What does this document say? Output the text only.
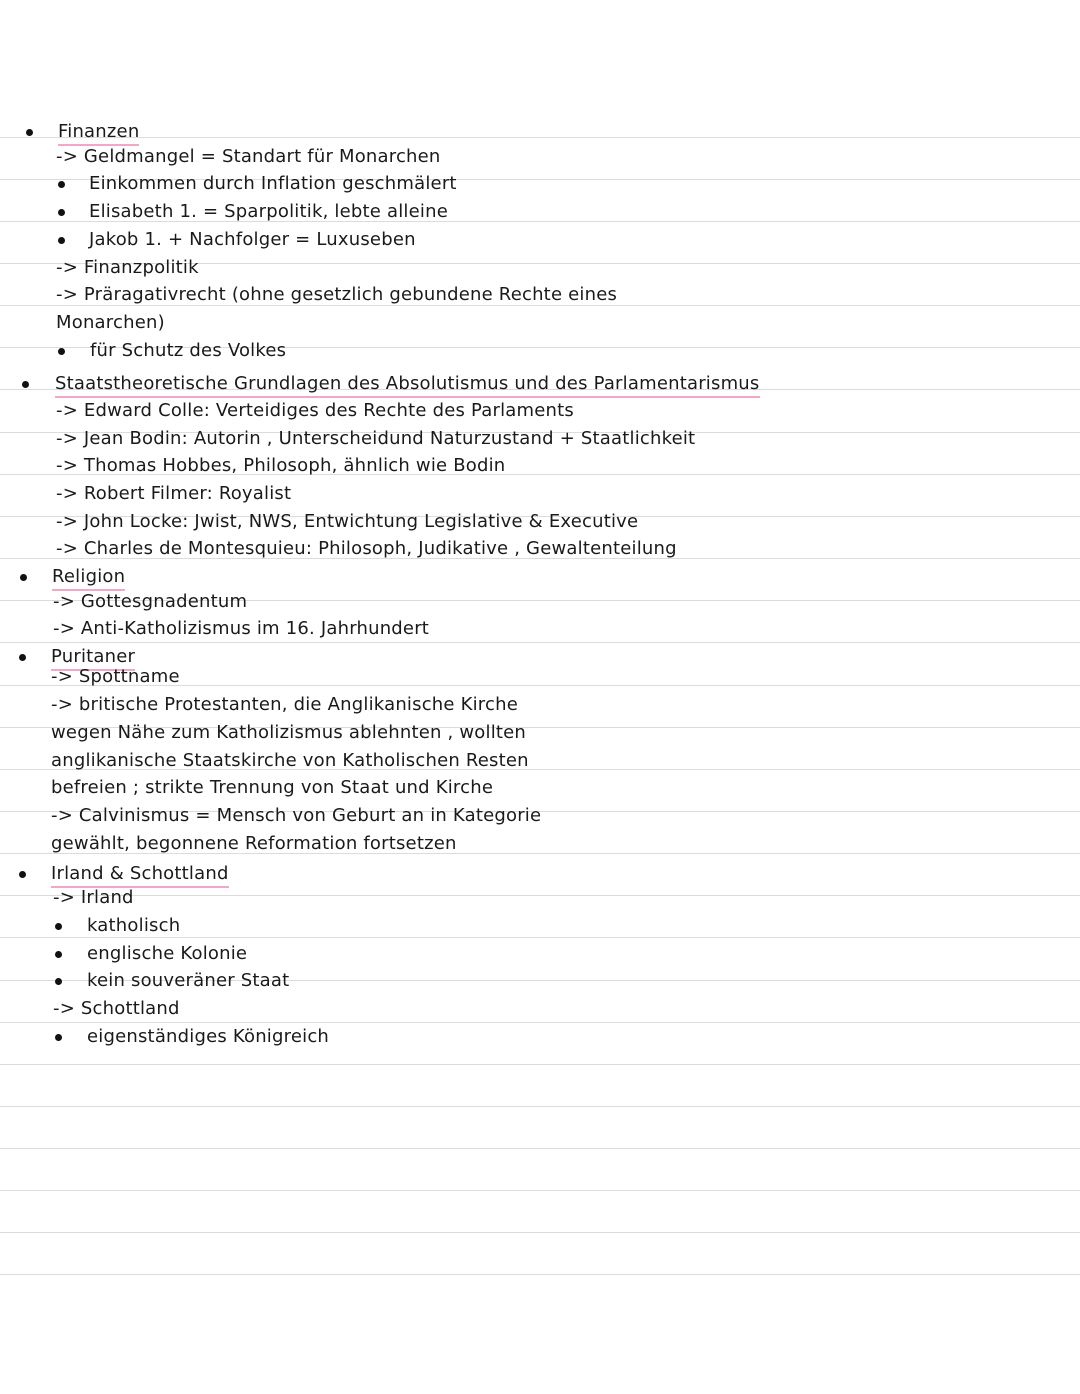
Finanzen
-> Geldmangel = Standart für Monarchen
Einkommen durch Inflation geschmälert
Elisabeth 1. = Sparpolitik, lebte alleine
Jakob 1. + Nachfolger = Luxuseben
-> Finanzpolitik
-> Präragativrecht (ohne gesetzlich gebundene Rechte eines
Monarchen)
für Schutz des Volkes
Staatstheoretische Grundlagen des Absolutismus und des Parlamentarismus
-> Edward Colle: Verteidiges des Rechte des Parlaments
-> Jean Bodin: Autorin , Unterscheidund Naturzustand + Staatlichkeit
-> Thomas Hobbes, Philosoph, ähnlich wie Bodin
-> Robert Filmer: Royalist
-> John Locke: Jwist, NWS, Entwichtung Legislative & Executive
-> Charles de Montesquieu: Philosoph, Judikative , Gewaltenteilung
Religion
-> Gottesgnadentum
-> Anti-Katholizismus im 16. Jahrhundert
Puritaner
-> Spottname
-> britische Protestanten, die Anglikanische Kirche
wegen Nähe zum Katholizismus ablehnten , wollten
anglikanische Staatskirche von Katholischen Resten
befreien ; strikte Trennung von Staat und Kirche
-> Calvinismus = Mensch von Geburt an in Kategorie
gewählt, begonnene Reformation fortsetzen
Irland & Schottland
-> Irland
katholisch
englische Kolonie
kein souveräner Staat
-> Schottland
eigenständiges Königreich
